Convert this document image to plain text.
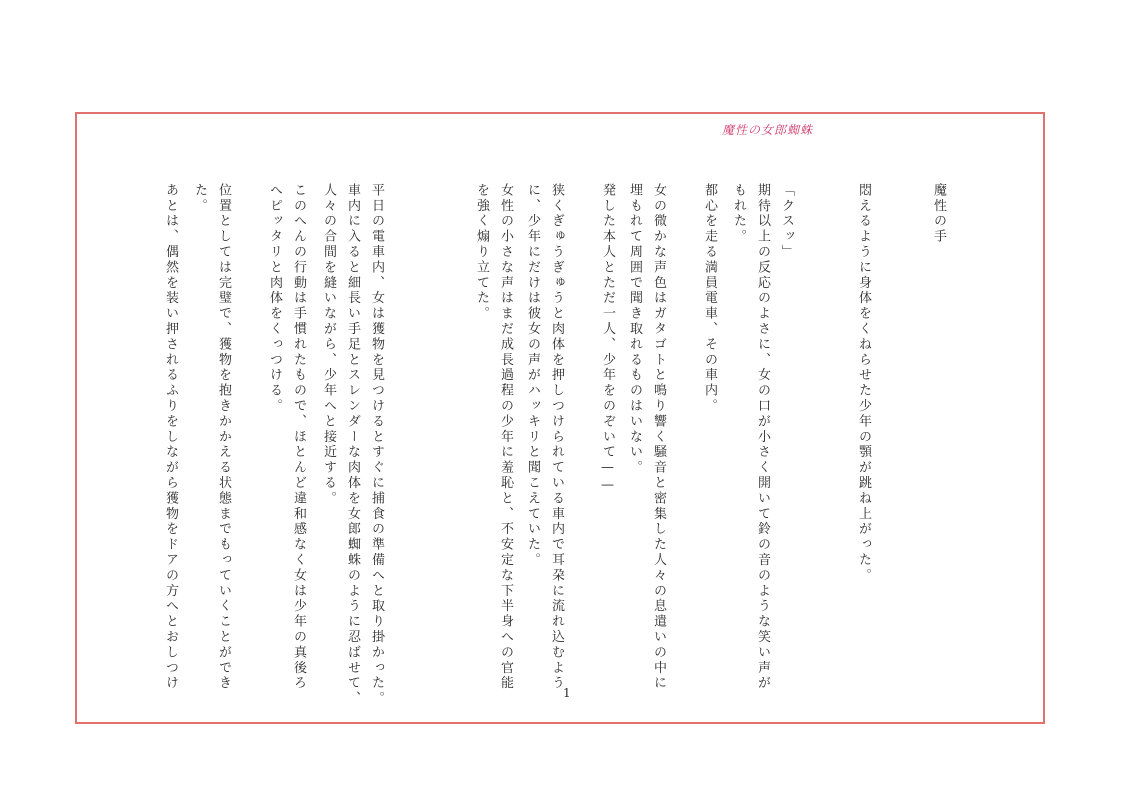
魔性の女郎蜘蛛
魔性の手
悶えるように身体をくねらせた少年の顎が跳ね上がった。
「クスッ」
期待以上の反応のよさに、女の口が小さく開いて鈴の音のような笑い声が
もれた。
都心を走る満員電車、その車内。
女の微かな声色はガタゴトと鳴り響く騒音と密集した人々の息遣いの中に
埋もれて周囲で聞き取れるものはいない。
発した本人とただ一人、少年をのぞいて——
狭くぎゅうぎゅうと肉体を押しつけられている車内で耳朶に流れ込むよう
に、少年にだけは彼女の声がハッキリと聞こえていた。
女性の小さな声はまだ成長過程の少年に羞恥と、不安定な下半身への官能
を強く煽り立てた。
平日の電車内、女は獲物を見つけるとすぐに捕食の準備へと取り掛かった。
車内に入ると細長い手足とスレンダーな肉体を女郎蜘蛛のように忍ばせて、
人々の合間を縫いながら、少年へと接近する。
このへんの行動は手慣れたもので、ほとんど違和感なく女は少年の真後ろ
へピッタリと肉体をくっつける。
位置としては完璧で、獲物を抱きかかえる状態までもっていくことができ
た。
あとは、偶然を装い押されるふりをしながら獲物をドアの方へとおしつけ
1
